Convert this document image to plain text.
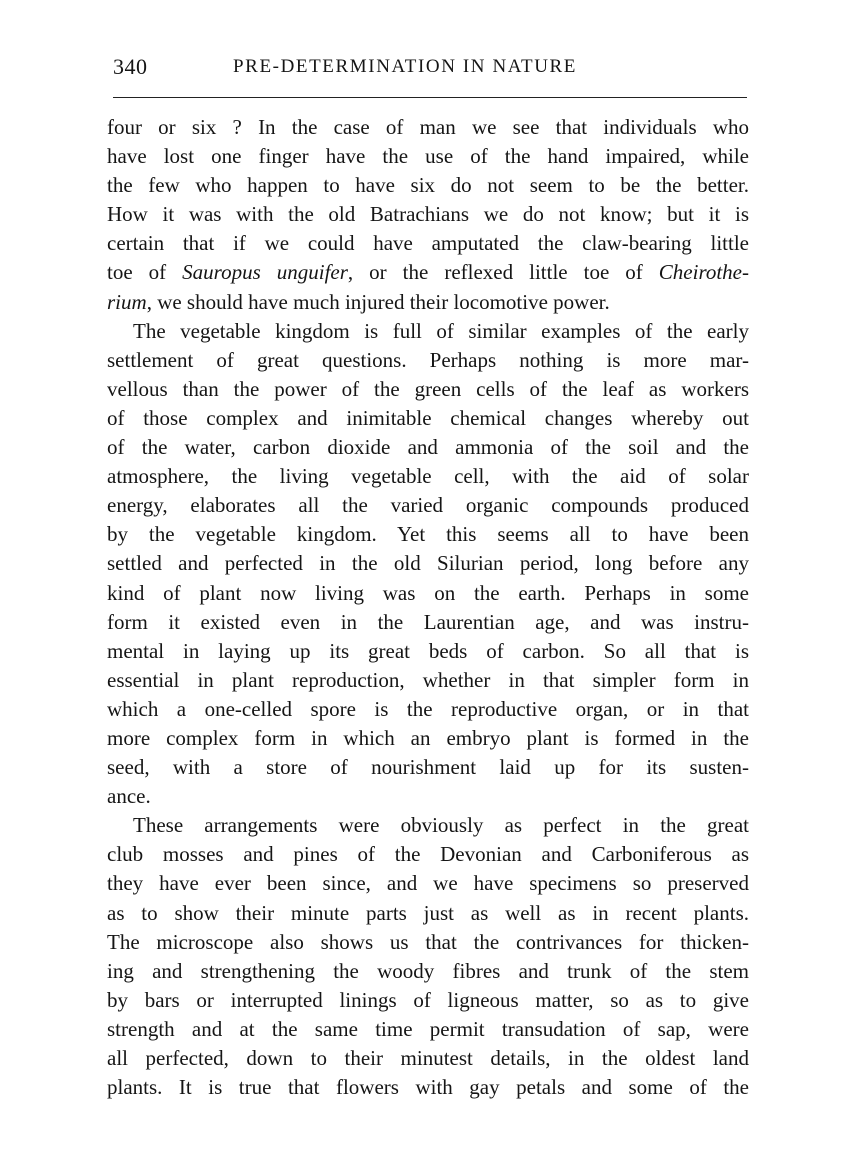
340	PRE-DETERMINATION IN NATURE
four or six ? In the case of man we see that individuals who
have lost one finger have the use of the hand impaired, while
the few who happen to have six do not seem to be the better.
How it was with the old Batrachians we do not know; but it is
certain that if we could have amputated the claw-bearing little
toe of Sauropus unguifer, or the reflexed little toe of Cheirothe-
rium, we should have much injured their locomotive power.
The vegetable kingdom is full of similar examples of the early
settlement of great questions. Perhaps nothing is more mar-
vellous than the power of the green cells of the leaf as workers
of those complex and inimitable chemical changes whereby out
of the water, carbon dioxide and ammonia of the soil and the
atmosphere, the living vegetable cell, with the aid of solar
energy, elaborates all the varied organic compounds produced
by the vegetable kingdom. Yet this seems all to have been
settled and perfected in the old Silurian period, long before any
kind of plant now living was on the earth. Perhaps in some
form it existed even in the Laurentian age, and was instru-
mental in laying up its great beds of carbon. So all that is
essential in plant reproduction, whether in that simpler form in
which a one-celled spore is the reproductive organ, or in that
more complex form in which an embryo plant is formed in the
seed, with a store of nourishment laid up for its susten-
ance.
These arrangements were obviously as perfect in the great
club mosses and pines of the Devonian and Carboniferous as
they have ever been since, and we have specimens so preserved
as to show their minute parts just as well as in recent plants.
The microscope also shows us that the contrivances for thicken-
ing and strengthening the woody fibres and trunk of the stem
by bars or interrupted linings of ligneous matter, so as to give
strength and at the same time permit transudation of sap, were
all perfected, down to their minutest details, in the oldest land
plants. It is true that flowers with gay petals and some of the
